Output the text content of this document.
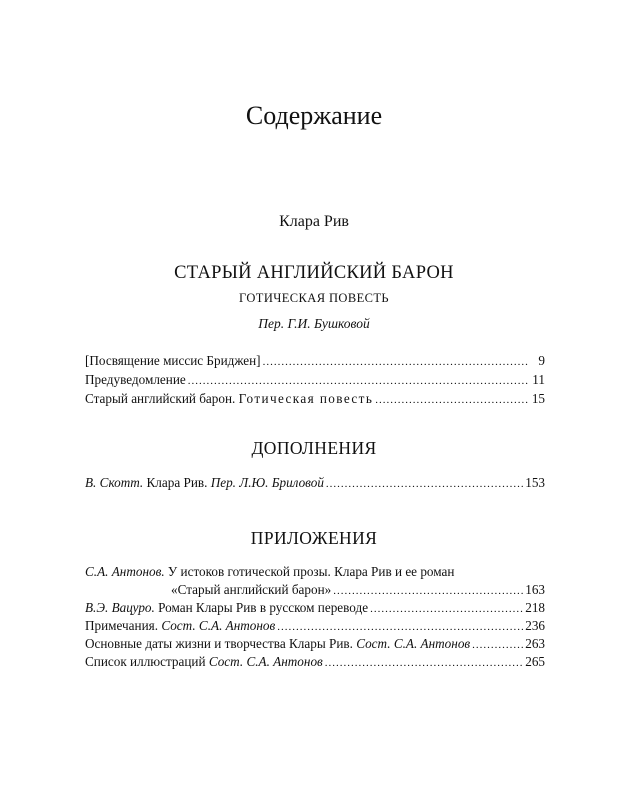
Содержание
Клара Рив
СТАРЫЙ АНГЛИЙСКИЙ БАРОН
ГОТИЧЕСКАЯ ПОВЕСТЬ
Пер. Г.И. Бушковой
[Посвящение миссис Бриджен] .....	9
Предуведомление .....	11
Старый английский барон. Готическая повесть .....	15
ДОПОЛНЕНИЯ
В. Скотт. Клара Рив. Пер. Л.Ю. Бриловой .....	153
ПРИЛОЖЕНИЯ
С.А. Антонов. У истоков готической прозы. Клара Рив и ее роман
«Старый английский барон» .....	163
В.Э. Вацуро. Роман Клары Рив в русском переводе .....	218
Примечания. Сост. С.А. Антонов .....	236
Основные даты жизни и творчества Клары Рив. Сост. С.А. Антонов .....	263
Список иллюстраций Сост. С.А. Антонов .....	265
